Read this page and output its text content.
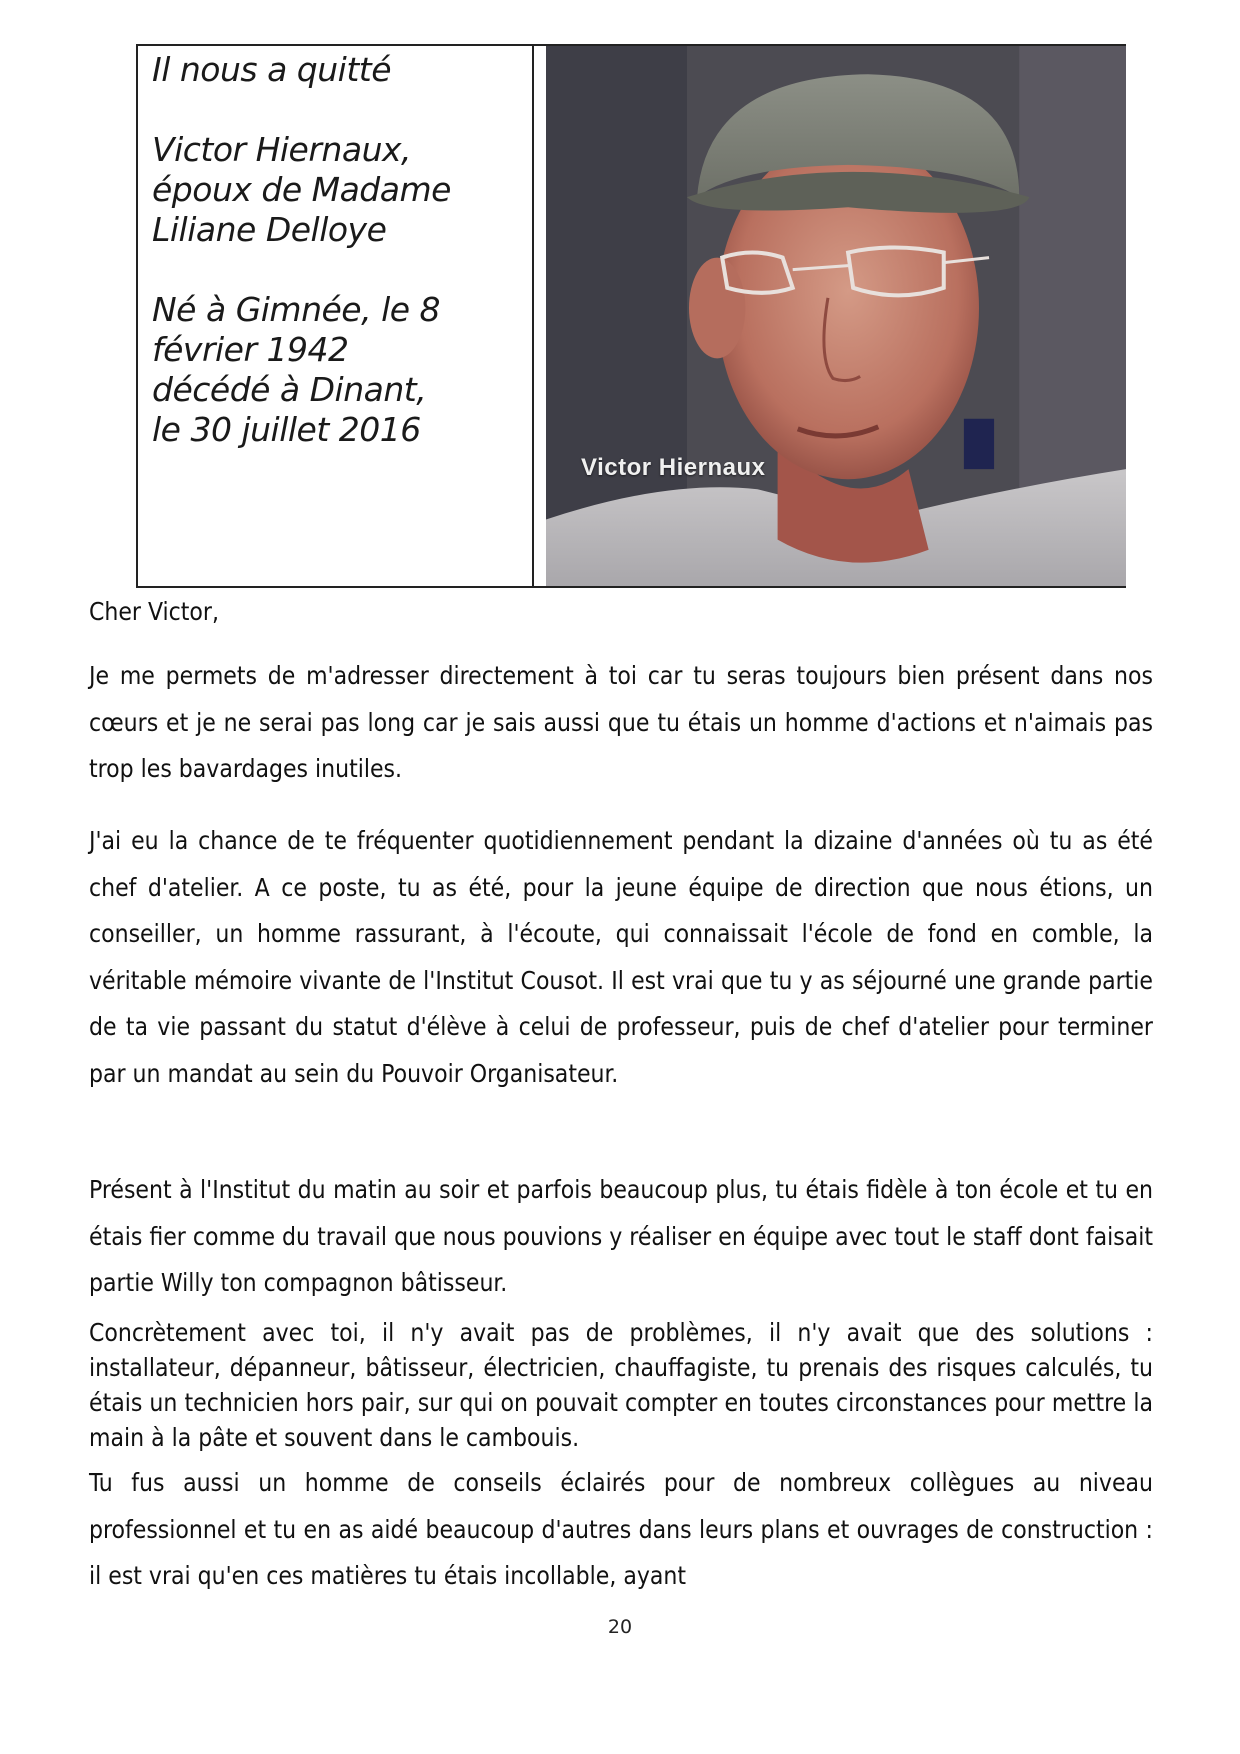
Il nous a quitté

Victor Hiernaux,

époux de Madame

Liliane Delloye

Né à Gimnée, le 8

février 1942

décédé à Dinant,

le 30 juillet 2016

Victor Hiernaux

Cher Victor,

Je me permets de m'adresser directement à toi car tu seras toujours bien présent dans nos cœurs et je ne serai pas long car je sais aussi que tu étais un homme d'actions et n'aimais pas trop les bavardages inutiles.

J'ai eu la chance de te fréquenter quotidiennement pendant la dizaine d'années où tu as été chef d'atelier. A ce poste, tu as été, pour la jeune équipe de direction que nous étions, un conseiller, un homme rassurant, à l'écoute, qui connaissait l'école de fond en comble, la véritable mémoire vivante de l'Institut Cousot. Il est vrai que tu y as séjourné une grande partie de ta vie passant du statut d'élève à celui de professeur, puis de chef d'atelier pour terminer par un mandat au sein du Pouvoir Organisateur.

Présent à l'Institut du matin au soir et parfois beaucoup plus, tu étais fidèle à ton école et tu en étais fier comme du travail que nous pouvions y réaliser en équipe avec tout le staff dont faisait partie Willy ton compagnon bâtisseur.

Concrètement avec toi, il n'y avait pas de problèmes, il n'y avait que des solutions : installateur, dépanneur, bâtisseur, électricien, chauffagiste, tu prenais des risques calculés, tu étais un technicien hors pair, sur qui on pouvait compter en toutes circonstances pour mettre la main à la pâte et souvent dans le cambouis.

Tu fus aussi un homme de conseils éclairés pour de nombreux collègues au niveau professionnel et tu en as aidé beaucoup d'autres dans leurs plans et ouvrages de construction : il est vrai qu'en ces matières tu étais incollable, ayant

20
